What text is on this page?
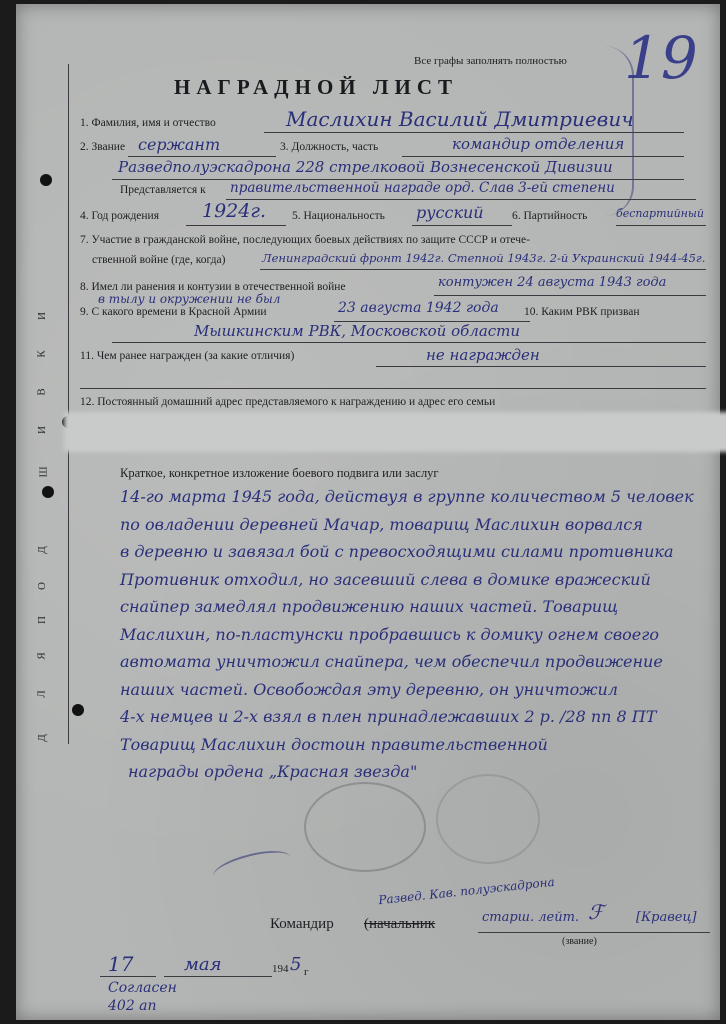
Д
Л
Я
П
О
Д
Ш
И
В
К
И
Все графы заполнять полностью
НАГРАДНОЙ ЛИСТ	19
1. Фамилия, имя и отчество	Маслихин Василий Дмитриевич
2. Звание сержант	3. Должность, часть	командир отделения
Разведполуэскадрона 228 стрелковой Вознесенской Дивизии
Представляется к правительственной награде орд. Слав 3-ей степени
4. Год рождения 1924г. 5. Национальность русский 6. Партийность	беспартийный
7. Участие в гражданской войне, последующих боевых действиях по защите СССР и отече-
ственной войне (где, когда)	Ленинградский фронт 1942г. Степной 1943г. 2-й Украинский 1944-45г.
8. Имел ли ранения и контузии в отечественной войне	контужен 24 августа 1943 года
в тылу и окружении не был
9. С какого времени в Красной Армии	23 августа 1942 года 10. Каким РВК призван
Мышкинским РВК, Московской области
11. Чем ранее награжден (за какие отличия)	не награжден
12. Постоянный домашний адрес представляемого к награждению и адрес его семьи
Краткое, конкретное изложение боевого подвига или заслуг
14-го марта 1945 года, действуя в группе количеством 5 человек
по овладении деревней Мачар, товарищ Маслихин ворвался
в деревню и завязал бой с превосходящими силами противника
Противник отходил, но засевший слева в домике вражеский
снайпер замедлял продвижению наших частей. Товарищ
Маслихин, по-пластунски пробравшись к домику огнем своего
автомата уничтожил снайпера, чем обеспечил продвижение
наших частей. Освобождая эту деревню, он уничтожил
4-х немцев и 2-х взял в плен принадлежавших 2 р. /28 пп 8 ПТ
Товарищ Маслихин достоин правительственной
награды ордена „Красная звезда"
Развед. Кав. полуэскадрона
Командир (начальник	старш. лейт. ℱ [Кравец]
(звание)
17	мая	194 5 г
Согласен
402 ап
